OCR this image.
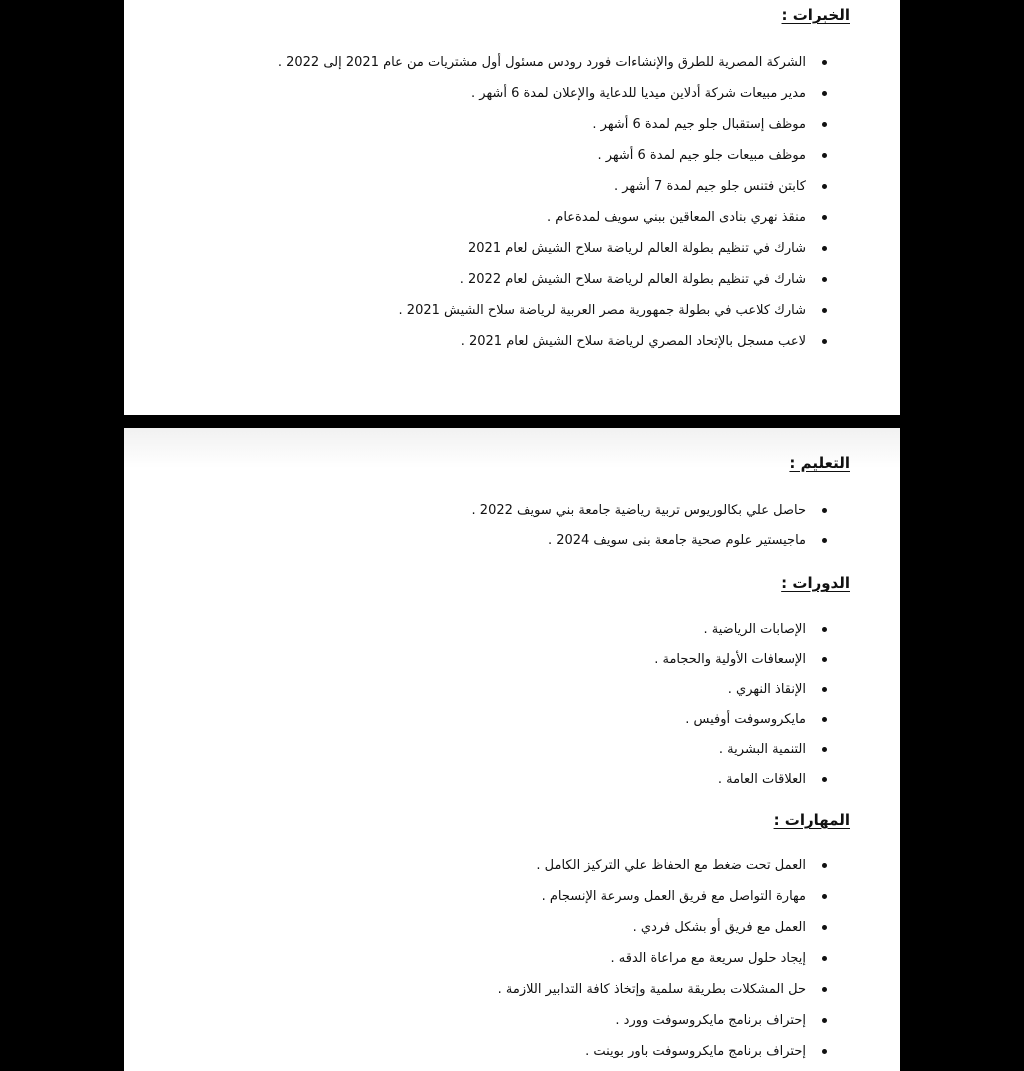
الخبرات :
الشركة المصرية للطرق والإنشاءات فورد رودس مسئول أول مشتريات من عام 2021 إلى 2022 .
مدير مبيعات شركة أدلاين ميديا للدعاية والإعلان لمدة 6 أشهر .
موظف إستقبال جلو جيم لمدة 6 أشهر .
موظف مبيعات جلو جيم لمدة 6 أشهر .
كابتن فتنس جلو جيم لمدة 7 أشهر .
منقذ نهري بنادى المعاقين ببني سويف لمدةعام .
شارك في تنظيم بطولة العالم لرياضة سلاح الشيش لعام 2021
شارك في تنظيم بطولة العالم لرياضة سلاح الشيش لعام 2022 .
شارك كلاعب في بطولة جمهورية مصر العربية لرياضة سلاح الشيش 2021 .
لاعب مسجل بالإتحاد المصري لرياضة سلاح الشيش لعام 2021 .
التعليم :
حاصل علي بكالوريوس تربية رياضية جامعة بني سويف 2022 .
ماجيستير علوم صحية جامعة بنى سويف 2024 .
الدورات :
الإصابات الرياضية .
الإسعافات الأولية والحجامة .
الإنقاذ النهري .
مايكروسوفت أوفيس .
التنمية البشرية .
العلاقات العامة .
المهارات :
العمل تحت ضغط مع الحفاظ علي التركيز الكامل .
مهارة التواصل مع فريق العمل وسرعة الإنسجام .
العمل مع فريق أو بشكل فردي .
إيجاد حلول سريعة مع مراعاة الدقه .
حل المشكلات بطريقة سلمية وإتخاذ كافة التدابير اللازمة .
إحتراف برنامج مايكروسوفت وورد .
إحتراف برنامج مايكروسوفت باور بوينت .
